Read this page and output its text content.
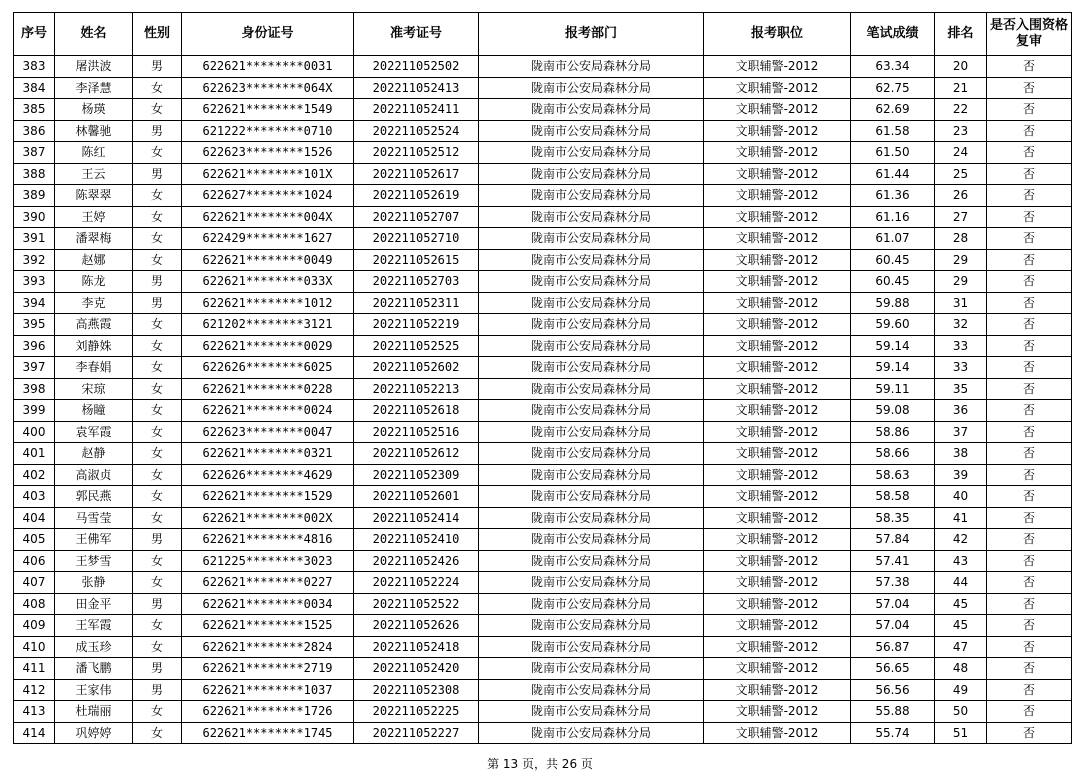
序号	姓名	性别	身份证号	准考证号	报考部门	报考职位	笔试成绩	排名	是否入围资格复审
383	屠洪波	男	622621********0031	202211052502	陇南市公安局森林分局	文职辅警-2012	63.34	20	否
384	李泽慧	女	622623********064X	202211052413	陇南市公安局森林分局	文职辅警-2012	62.75	21	否
385	杨瑛	女	622621********1549	202211052411	陇南市公安局森林分局	文职辅警-2012	62.69	22	否
386	林馨驰	男	621222********0710	202211052524	陇南市公安局森林分局	文职辅警-2012	61.58	23	否
387	陈红	女	622623********1526	202211052512	陇南市公安局森林分局	文职辅警-2012	61.50	24	否
388	王云	男	622621********101X	202211052617	陇南市公安局森林分局	文职辅警-2012	61.44	25	否
389	陈翠翠	女	622627********1024	202211052619	陇南市公安局森林分局	文职辅警-2012	61.36	26	否
390	王婷	女	622621********004X	202211052707	陇南市公安局森林分局	文职辅警-2012	61.16	27	否
391	潘翠梅	女	622429********1627	202211052710	陇南市公安局森林分局	文职辅警-2012	61.07	28	否
392	赵娜	女	622621********0049	202211052615	陇南市公安局森林分局	文职辅警-2012	60.45	29	否
393	陈龙	男	622621********033X	202211052703	陇南市公安局森林分局	文职辅警-2012	60.45	29	否
394	李克	男	622621********1012	202211052311	陇南市公安局森林分局	文职辅警-2012	59.88	31	否
395	高燕霞	女	621202********3121	202211052219	陇南市公安局森林分局	文职辅警-2012	59.60	32	否
396	刘静姝	女	622621********0029	202211052525	陇南市公安局森林分局	文职辅警-2012	59.14	33	否
397	李春娟	女	622626********6025	202211052602	陇南市公安局森林分局	文职辅警-2012	59.14	33	否
398	宋琼	女	622621********0228	202211052213	陇南市公安局森林分局	文职辅警-2012	59.11	35	否
399	杨瞳	女	622621********0024	202211052618	陇南市公安局森林分局	文职辅警-2012	59.08	36	否
400	袁军霞	女	622623********0047	202211052516	陇南市公安局森林分局	文职辅警-2012	58.86	37	否
401	赵静	女	622621********0321	202211052612	陇南市公安局森林分局	文职辅警-2012	58.66	38	否
402	高淑贞	女	622626********4629	202211052309	陇南市公安局森林分局	文职辅警-2012	58.63	39	否
403	郭民燕	女	622621********1529	202211052601	陇南市公安局森林分局	文职辅警-2012	58.58	40	否
404	马雪莹	女	622621********002X	202211052414	陇南市公安局森林分局	文职辅警-2012	58.35	41	否
405	王佛军	男	622621********4816	202211052410	陇南市公安局森林分局	文职辅警-2012	57.84	42	否
406	王梦雪	女	621225********3023	202211052426	陇南市公安局森林分局	文职辅警-2012	57.41	43	否
407	张静	女	622621********0227	202211052224	陇南市公安局森林分局	文职辅警-2012	57.38	44	否
408	田金平	男	622621********0034	202211052522	陇南市公安局森林分局	文职辅警-2012	57.04	45	否
409	王军霞	女	622621********1525	202211052626	陇南市公安局森林分局	文职辅警-2012	57.04	45	否
410	成玉珍	女	622621********2824	202211052418	陇南市公安局森林分局	文职辅警-2012	56.87	47	否
411	潘飞鹏	男	622621********2719	202211052420	陇南市公安局森林分局	文职辅警-2012	56.65	48	否
412	王家伟	男	622621********1037	202211052308	陇南市公安局森林分局	文职辅警-2012	56.56	49	否
413	杜瑞丽	女	622621********1726	202211052225	陇南市公安局森林分局	文职辅警-2012	55.88	50	否
414	巩婷婷	女	622621********1745	202211052227	陇南市公安局森林分局	文职辅警-2012	55.74	51	否
第 13 页，共 26 页
